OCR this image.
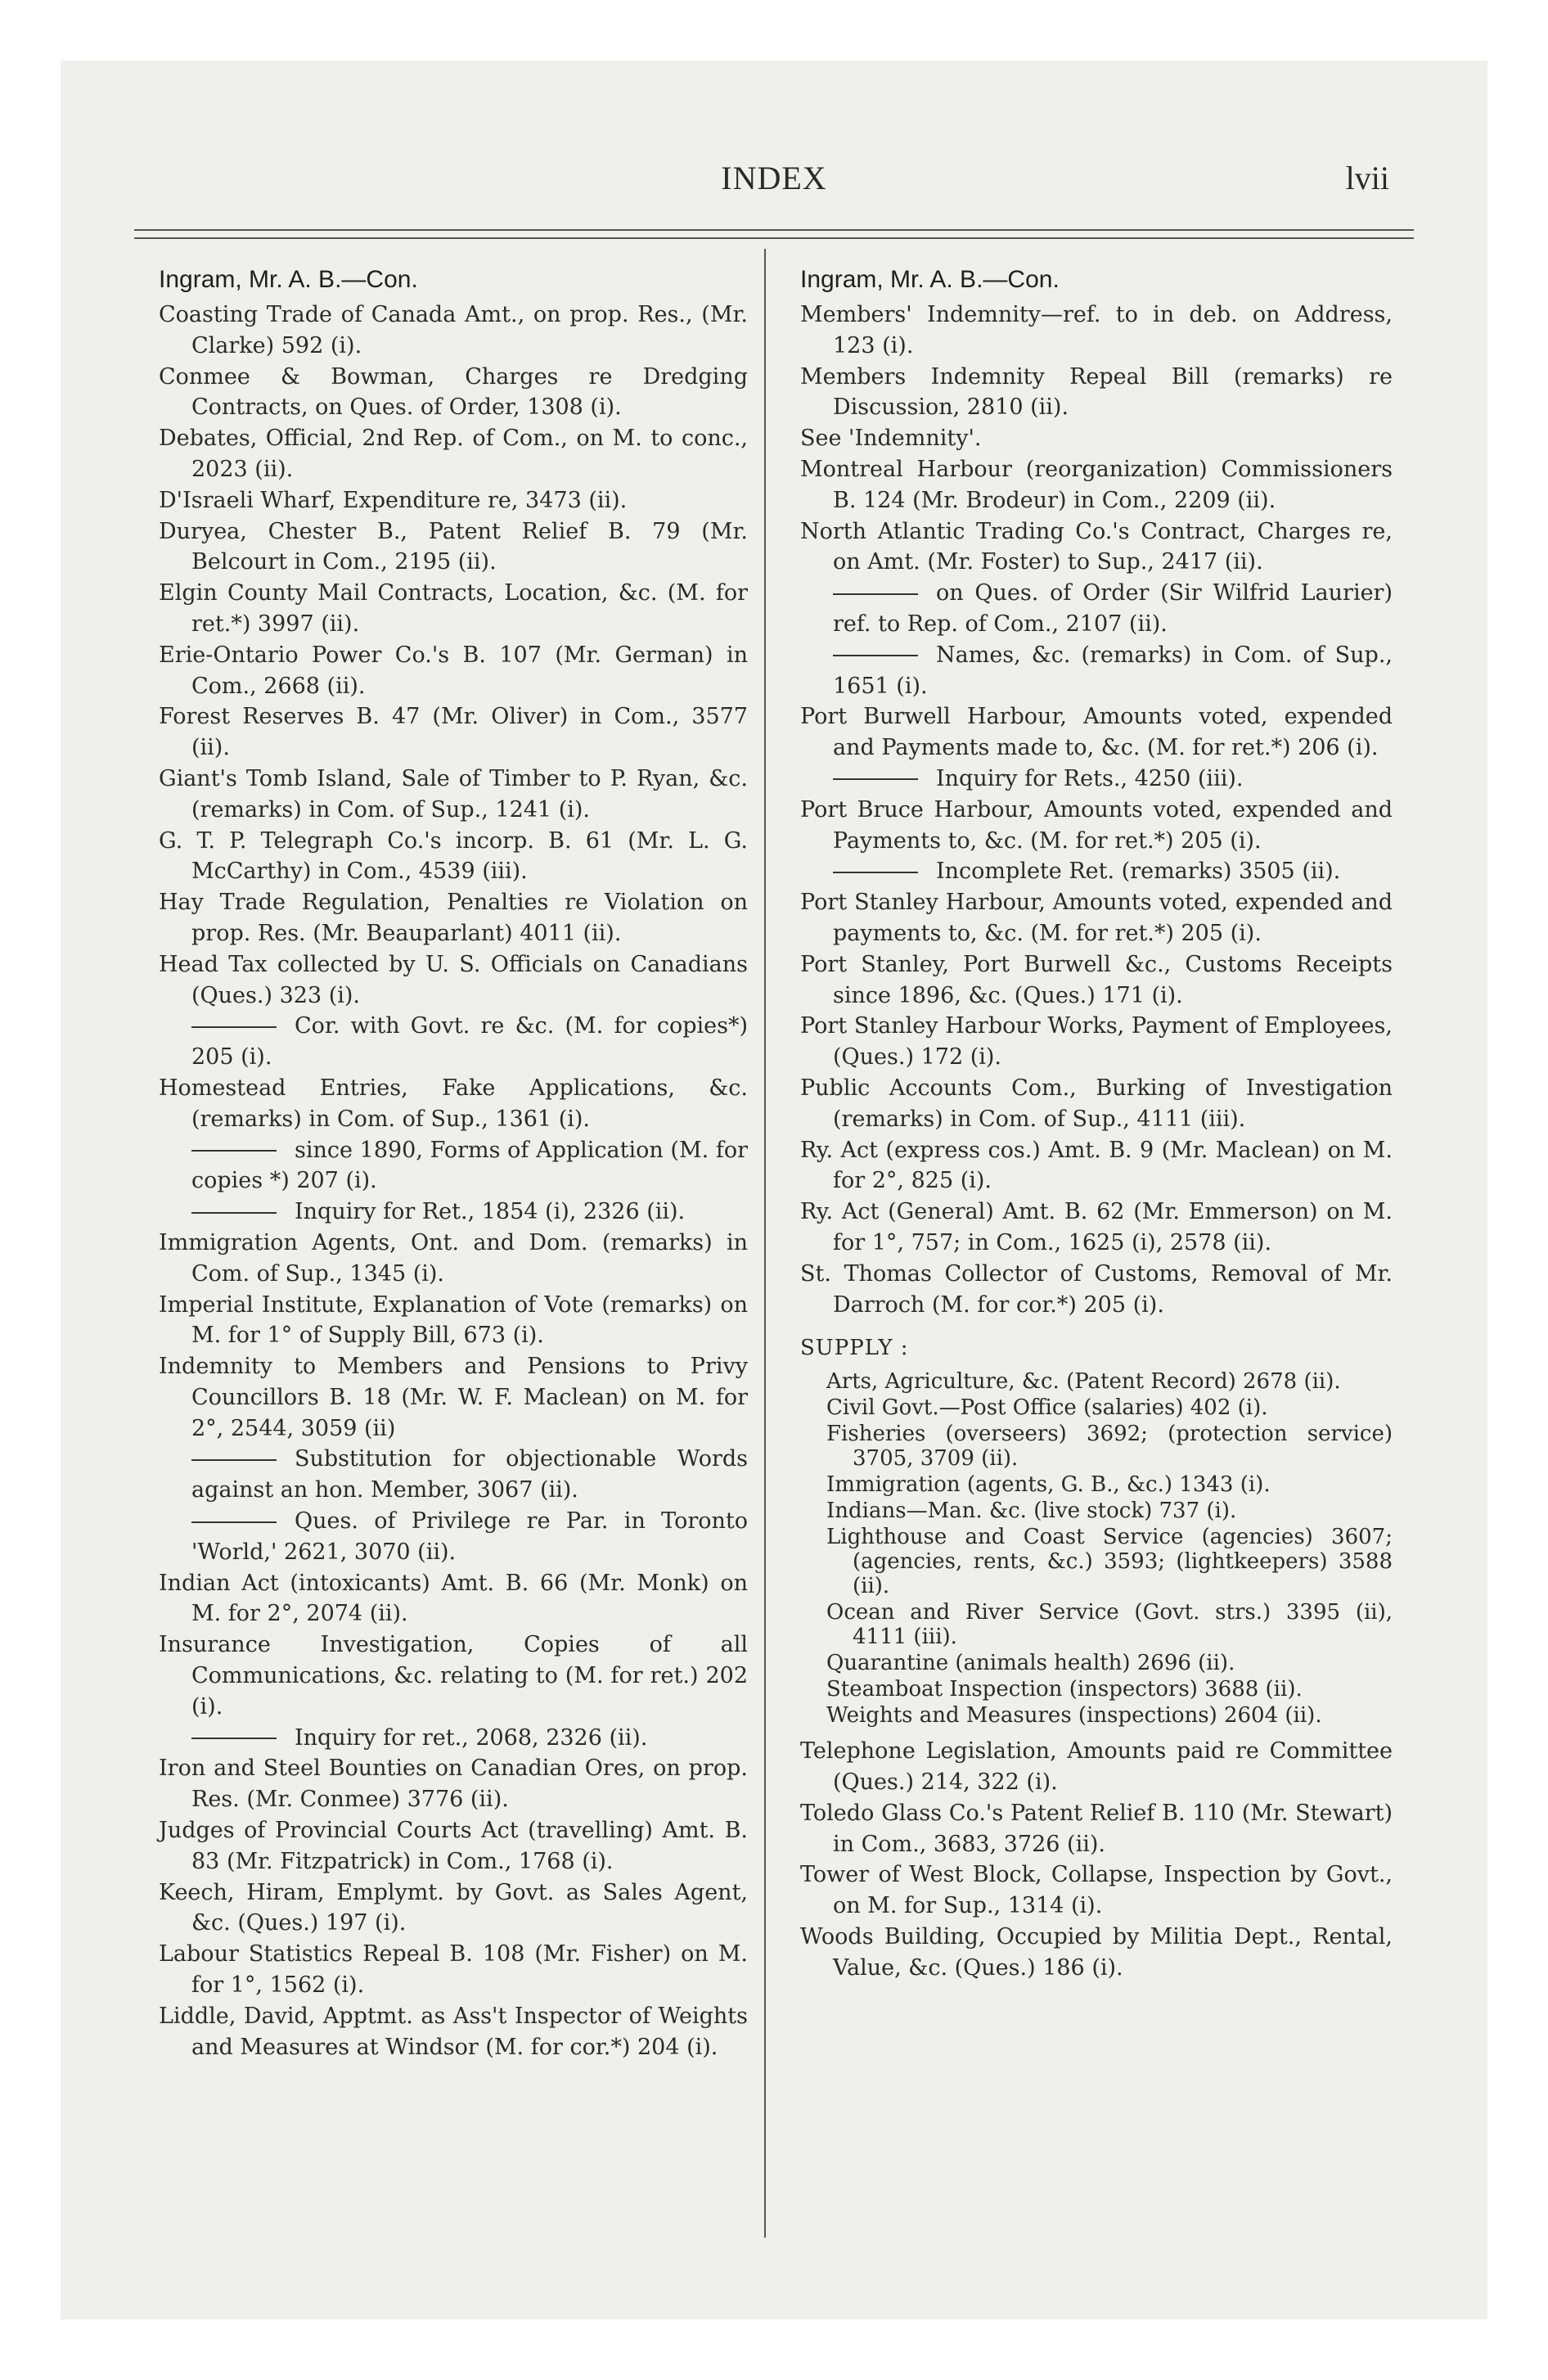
INDEX	lvii
Ingram, Mr. A. B.—Con.

Coasting Trade of Canada Amt., on prop. Res., (Mr. Clarke) 592 (i).

Conmee & Bowman, Charges re Dredging Contracts, on Ques. of Order, 1308 (i).

Debates, Official, 2nd Rep. of Com., on M. to conc., 2023 (ii).

D'Israeli Wharf, Expenditure re, 3473 (ii).

Duryea, Chester B., Patent Relief B. 79 (Mr. Belcourt in Com., 2195 (ii).

Elgin County Mail Contracts, Location, &c. (M. for ret.*) 3997 (ii).

Erie-Ontario Power Co.'s B. 107 (Mr. German) in Com., 2668 (ii).

Forest Reserves B. 47 (Mr. Oliver) in Com., 3577 (ii).

Giant's Tomb Island, Sale of Timber to P. Ryan, &c. (remarks) in Com. of Sup., 1241 (i).

G. T. P. Telegraph Co.'s incorp. B. 61 (Mr. L. G. McCarthy) in Com., 4539 (iii).

Hay Trade Regulation, Penalties re Violation on prop. Res. (Mr. Beauparlant) 4011 (ii).

Head Tax collected by U. S. Officials on Canadians (Ques.) 323 (i).

Cor. with Govt. re &c. (M. for copies*) 205 (i).

Homestead Entries, Fake Applications, &c. (remarks) in Com. of Sup., 1361 (i).

since 1890, Forms of Application (M. for copies *) 207 (i).

Inquiry for Ret., 1854 (i), 2326 (ii).

Immigration Agents, Ont. and Dom. (remarks) in Com. of Sup., 1345 (i).

Imperial Institute, Explanation of Vote (remarks) on M. for 1° of Supply Bill, 673 (i).

Indemnity to Members and Pensions to Privy Councillors B. 18 (Mr. W. F. Maclean) on M. for 2°, 2544, 3059 (ii)

Substitution for objectionable Words against an hon. Member, 3067 (ii).

Ques. of Privilege re Par. in Toronto 'World,' 2621, 3070 (ii).

Indian Act (intoxicants) Amt. B. 66 (Mr. Monk) on M. for 2°, 2074 (ii).

Insurance Investigation, Copies of all Communications, &c. relating to (M. for ret.) 202 (i).

Inquiry for ret., 2068, 2326 (ii).

Iron and Steel Bounties on Canadian Ores, on prop. Res. (Mr. Conmee) 3776 (ii).

Judges of Provincial Courts Act (travelling) Amt. B. 83 (Mr. Fitzpatrick) in Com., 1768 (i).

Keech, Hiram, Emplymt. by Govt. as Sales Agent, &c. (Ques.) 197 (i).

Labour Statistics Repeal B. 108 (Mr. Fisher) on M. for 1°, 1562 (i).

Liddle, David, Apptmt. as Ass't Inspector of Weights and Measures at Windsor (M. for cor.*) 204 (i).

Ingram, Mr. A. B.—Con.

Members' Indemnity—ref. to in deb. on Address, 123 (i).

Members Indemnity Repeal Bill (remarks) re Discussion, 2810 (ii).

See 'Indemnity'.

Montreal Harbour (reorganization) Commissioners B. 124 (Mr. Brodeur) in Com., 2209 (ii).

North Atlantic Trading Co.'s Contract, Charges re, on Amt. (Mr. Foster) to Sup., 2417 (ii).

on Ques. of Order (Sir Wilfrid Laurier) ref. to Rep. of Com., 2107 (ii).

Names, &c. (remarks) in Com. of Sup., 1651 (i).

Port Burwell Harbour, Amounts voted, expended and Payments made to, &c. (M. for ret.*) 206 (i).

Inquiry for Rets., 4250 (iii).

Port Bruce Harbour, Amounts voted, expended and Payments to, &c. (M. for ret.*) 205 (i).

Incomplete Ret. (remarks) 3505 (ii).

Port Stanley Harbour, Amounts voted, expended and payments to, &c. (M. for ret.*) 205 (i).

Port Stanley, Port Burwell &c., Customs Receipts since 1896, &c. (Ques.) 171 (i).

Port Stanley Harbour Works, Payment of Employees, (Ques.) 172 (i).

Public Accounts Com., Burking of Investigation (remarks) in Com. of Sup., 4111 (iii).

Ry. Act (express cos.) Amt. B. 9 (Mr. Maclean) on M. for 2°, 825 (i).

Ry. Act (General) Amt. B. 62 (Mr. Emmerson) on M. for 1°, 757; in Com., 1625 (i), 2578 (ii).

St. Thomas Collector of Customs, Removal of Mr. Darroch (M. for cor.*) 205 (i).

SUPPLY :

Arts, Agriculture, &c. (Patent Record) 2678 (ii).

Civil Govt.—Post Office (salaries) 402 (i).

Fisheries (overseers) 3692; (protection service) 3705, 3709 (ii).

Immigration (agents, G. B., &c.) 1343 (i).

Indians—Man. &c. (live stock) 737 (i).

Lighthouse and Coast Service (agencies) 3607; (agencies, rents, &c.) 3593; (lightkeepers) 3588 (ii).

Ocean and River Service (Govt. strs.) 3395 (ii), 4111 (iii).

Quarantine (animals health) 2696 (ii).

Steamboat Inspection (inspectors) 3688 (ii).

Weights and Measures (inspections) 2604 (ii).

Telephone Legislation, Amounts paid re Committee (Ques.) 214, 322 (i).

Toledo Glass Co.'s Patent Relief B. 110 (Mr. Stewart) in Com., 3683, 3726 (ii).

Tower of West Block, Collapse, Inspection by Govt., on M. for Sup., 1314 (i).

Woods Building, Occupied by Militia Dept., Rental, Value, &c. (Ques.) 186 (i).
